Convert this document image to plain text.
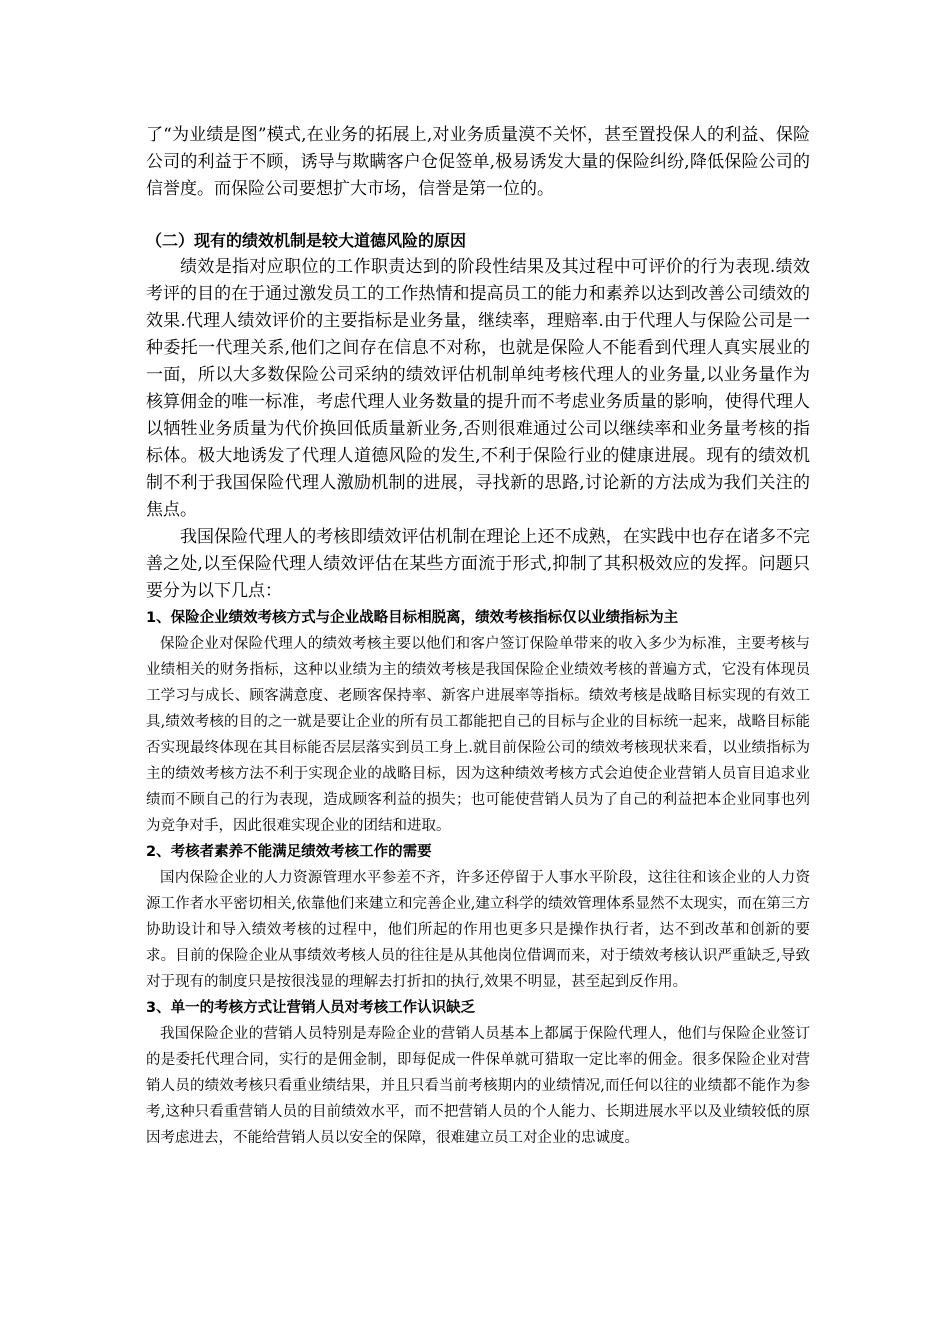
了“为业绩是图”模式,在业务的拓展上,对业务质量漠不关怀，甚至置投保人的利益、保险公司的利益于不顾，诱导与欺瞒客户仓促签单,极易诱发大量的保险纠纷,降低保险公司的信誉度。而保险公司要想扩大市场，信誉是第一位的。

（二）现有的绩效机制是较大道德风险的原因

绩效是指对应职位的工作职责达到的阶段性结果及其过程中可评价的行为表现.绩效考评的目的在于通过激发员工的工作热情和提高员工的能力和素养以达到改善公司绩效的效果.代理人绩效评价的主要指标是业务量，继续率，理赔率.由于代理人与保险公司是一种委托一代理关系,他们之间存在信息不对称，也就是保险人不能看到代理人真实展业的一面，所以大多数保险公司采纳的绩效评估机制单纯考核代理人的业务量,以业务量作为核算佣金的唯一标准，考虑代理人业务数量的提升而不考虑业务质量的影响，使得代理人以牺牲业务质量为代价换回低质量新业务,否则很难通过公司以继续率和业务量考核的指标体。极大地诱发了代理人道德风险的发生,不利于保险行业的健康进展。现有的绩效机制不利于我国保险代理人激励机制的进展，寻找新的思路,讨论新的方法成为我们关注的焦点。

我国保险代理人的考核即绩效评估机制在理论上还不成熟，在实践中也存在诸多不完善之处,以至保险代理人绩效评估在某些方面流于形式,抑制了其积极效应的发挥。问题只要分为以下几点：

1、保险企业绩效考核方式与企业战略目标相脱离，绩效考核指标仅以业绩指标为主

保险企业对保险代理人的绩效考核主要以他们和客户签订保险单带来的收入多少为标准，主要考核与业绩相关的财务指标，这种以业绩为主的绩效考核是我国保险企业绩效考核的普遍方式，它没有体现员工学习与成长、顾客满意度、老顾客保持率、新客户进展率等指标。绩效考核是战略目标实现的有效工具,绩效考核的目的之一就是要让企业的所有员工都能把自己的目标与企业的目标统一起来，战略目标能否实现最终体现在其目标能否层层落实到员工身上.就目前保险公司的绩效考核现状来看，以业绩指标为主的绩效考核方法不利于实现企业的战略目标，因为这种绩效考核方式会迫使企业营销人员盲目追求业绩而不顾自己的行为表现，造成顾客利益的损失；也可能使营销人员为了自己的利益把本企业同事也列为竞争对手，因此很难实现企业的团结和进取。

2、考核者素养不能满足绩效考核工作的需要

国内保险企业的人力资源管理水平参差不齐，许多还停留于人事水平阶段，这往往和该企业的人力资源工作者水平密切相关,依靠他们来建立和完善企业,建立科学的绩效管理体系显然不太现实，而在第三方协助设计和导入绩效考核的过程中，他们所起的作用也更多只是操作执行者，达不到改革和创新的要求。目前的保险企业从事绩效考核人员的往往是从其他岗位借调而来，对于绩效考核认识严重缺乏,导致对于现有的制度只是按很浅显的理解去打折扣的执行,效果不明显，甚至起到反作用。

3、单一的考核方式让营销人员对考核工作认识缺乏

我国保险企业的营销人员特别是寿险企业的营销人员基本上都属于保险代理人，他们与保险企业签订的是委托代理合同，实行的是佣金制，即每促成一件保单就可猎取一定比率的佣金。很多保险企业对营销人员的绩效考核只看重业绩结果，并且只看当前考核期内的业绩情况,而任何以往的业绩都不能作为参考,这种只看重营销人员的目前绩效水平，而不把营销人员的个人能力、长期进展水平以及业绩较低的原因考虑进去，不能给营销人员以安全的保障，很难建立员工对企业的忠诚度。
